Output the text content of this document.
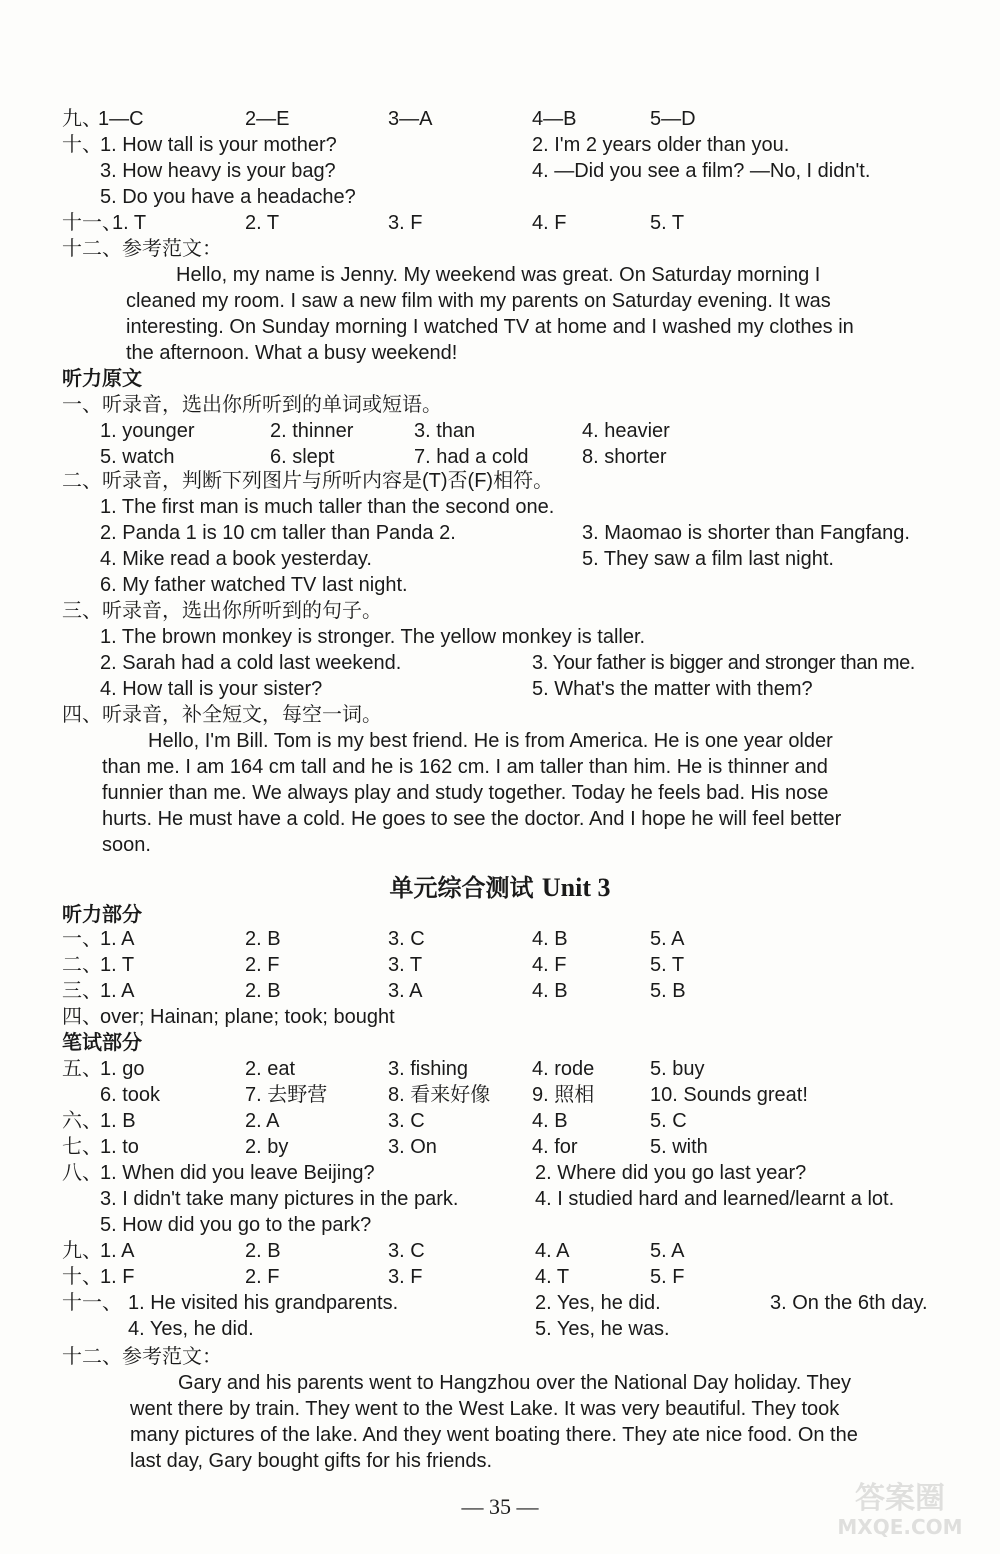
九、
1—C	2—E	3—A	4—B	5—D
十、
1. How tall is your mother?	2. I'm 2 years older than you.
3. How heavy is your bag?	4. —Did you see a film? —No, I didn't.
5. Do you have a headache?
十一、
1. T	2. T	3. F	4. F	5. T
十二、参考范文：
Hello, my name is Jenny. My weekend was great. On Saturday morning I
cleaned my room. I saw a new film with my parents on Saturday evening. It was
interesting. On Sunday morning I watched TV at home and I washed my clothes in
the afternoon. What a busy weekend!
听力原文
一、听录音，选出你所听到的单词或短语。
1. younger	2. thinner	3. than	4. heavier
5. watch	6. slept	7. had a cold	8. shorter
二、听录音，判断下列图片与所听内容是(T)否(F)相符。
1. The first man is much taller than the second one.
2. Panda 1 is 10 cm taller than Panda 2.	3. Maomao is shorter than Fangfang.
4. Mike read a book yesterday.	5. They saw a film last night.
6. My father watched TV last night.
三、听录音，选出你所听到的句子。
1. The brown monkey is stronger. The yellow monkey is taller.
2. Sarah had a cold last weekend.	3. Your father is bigger and stronger than me.
4. How tall is your sister?	5. What's the matter with them?
四、听录音，补全短文，每空一词。
Hello, I'm Bill. Tom is my best friend. He is from America. He is one year older
than me. I am 164 cm tall and he is 162 cm. I am taller than him. He is thinner and
funnier than me. We always play and study together. Today he feels bad. His nose
hurts. He must have a cold. He goes to see the doctor. And I hope he will feel better
soon.
单元综合测试 Unit 3
听力部分
一、
1. A	2. B	3. C	4. B	5. A
二、
1. T	2. F	3. T	4. F	5. T
三、
1. A	2. B	3. A	4. B	5. B
四、
over; Hainan; plane; took; bought
笔试部分
五、
1. go	2. eat	3. fishing	4. rode	5. buy
6. took	7. 去野营	8. 看来好像 9. 照相	10. Sounds great!
六、
1. B	2. A	3. C	4. B	5. C
七、
1. to	2. by	3. On	4. for	5. with
八、
1. When did you leave Beijing?	2. Where did you go last year?
3. I didn't take many pictures in the park.	4. I studied hard and learned/learnt a lot.
5. How did you go to the park?
九、
1. A	2. B	3. C	4. A	5. A
十、
1. F	2. F	3. F	4. T	5. F
十一、 1. He visited his grandparents.	2. Yes, he did.	3. On the 6th day.
4. Yes, he did.	5. Yes, he was.
十二、参考范文：
Gary and his parents went to Hangzhou over the National Day holiday. They
went there by train. They went to the West Lake. It was very beautiful. They took
many pictures of the lake. And they went boating there. They ate nice food. On the
last day, Gary bought gifts for his friends.
— 35 —	答案圈
MXQE.COM
